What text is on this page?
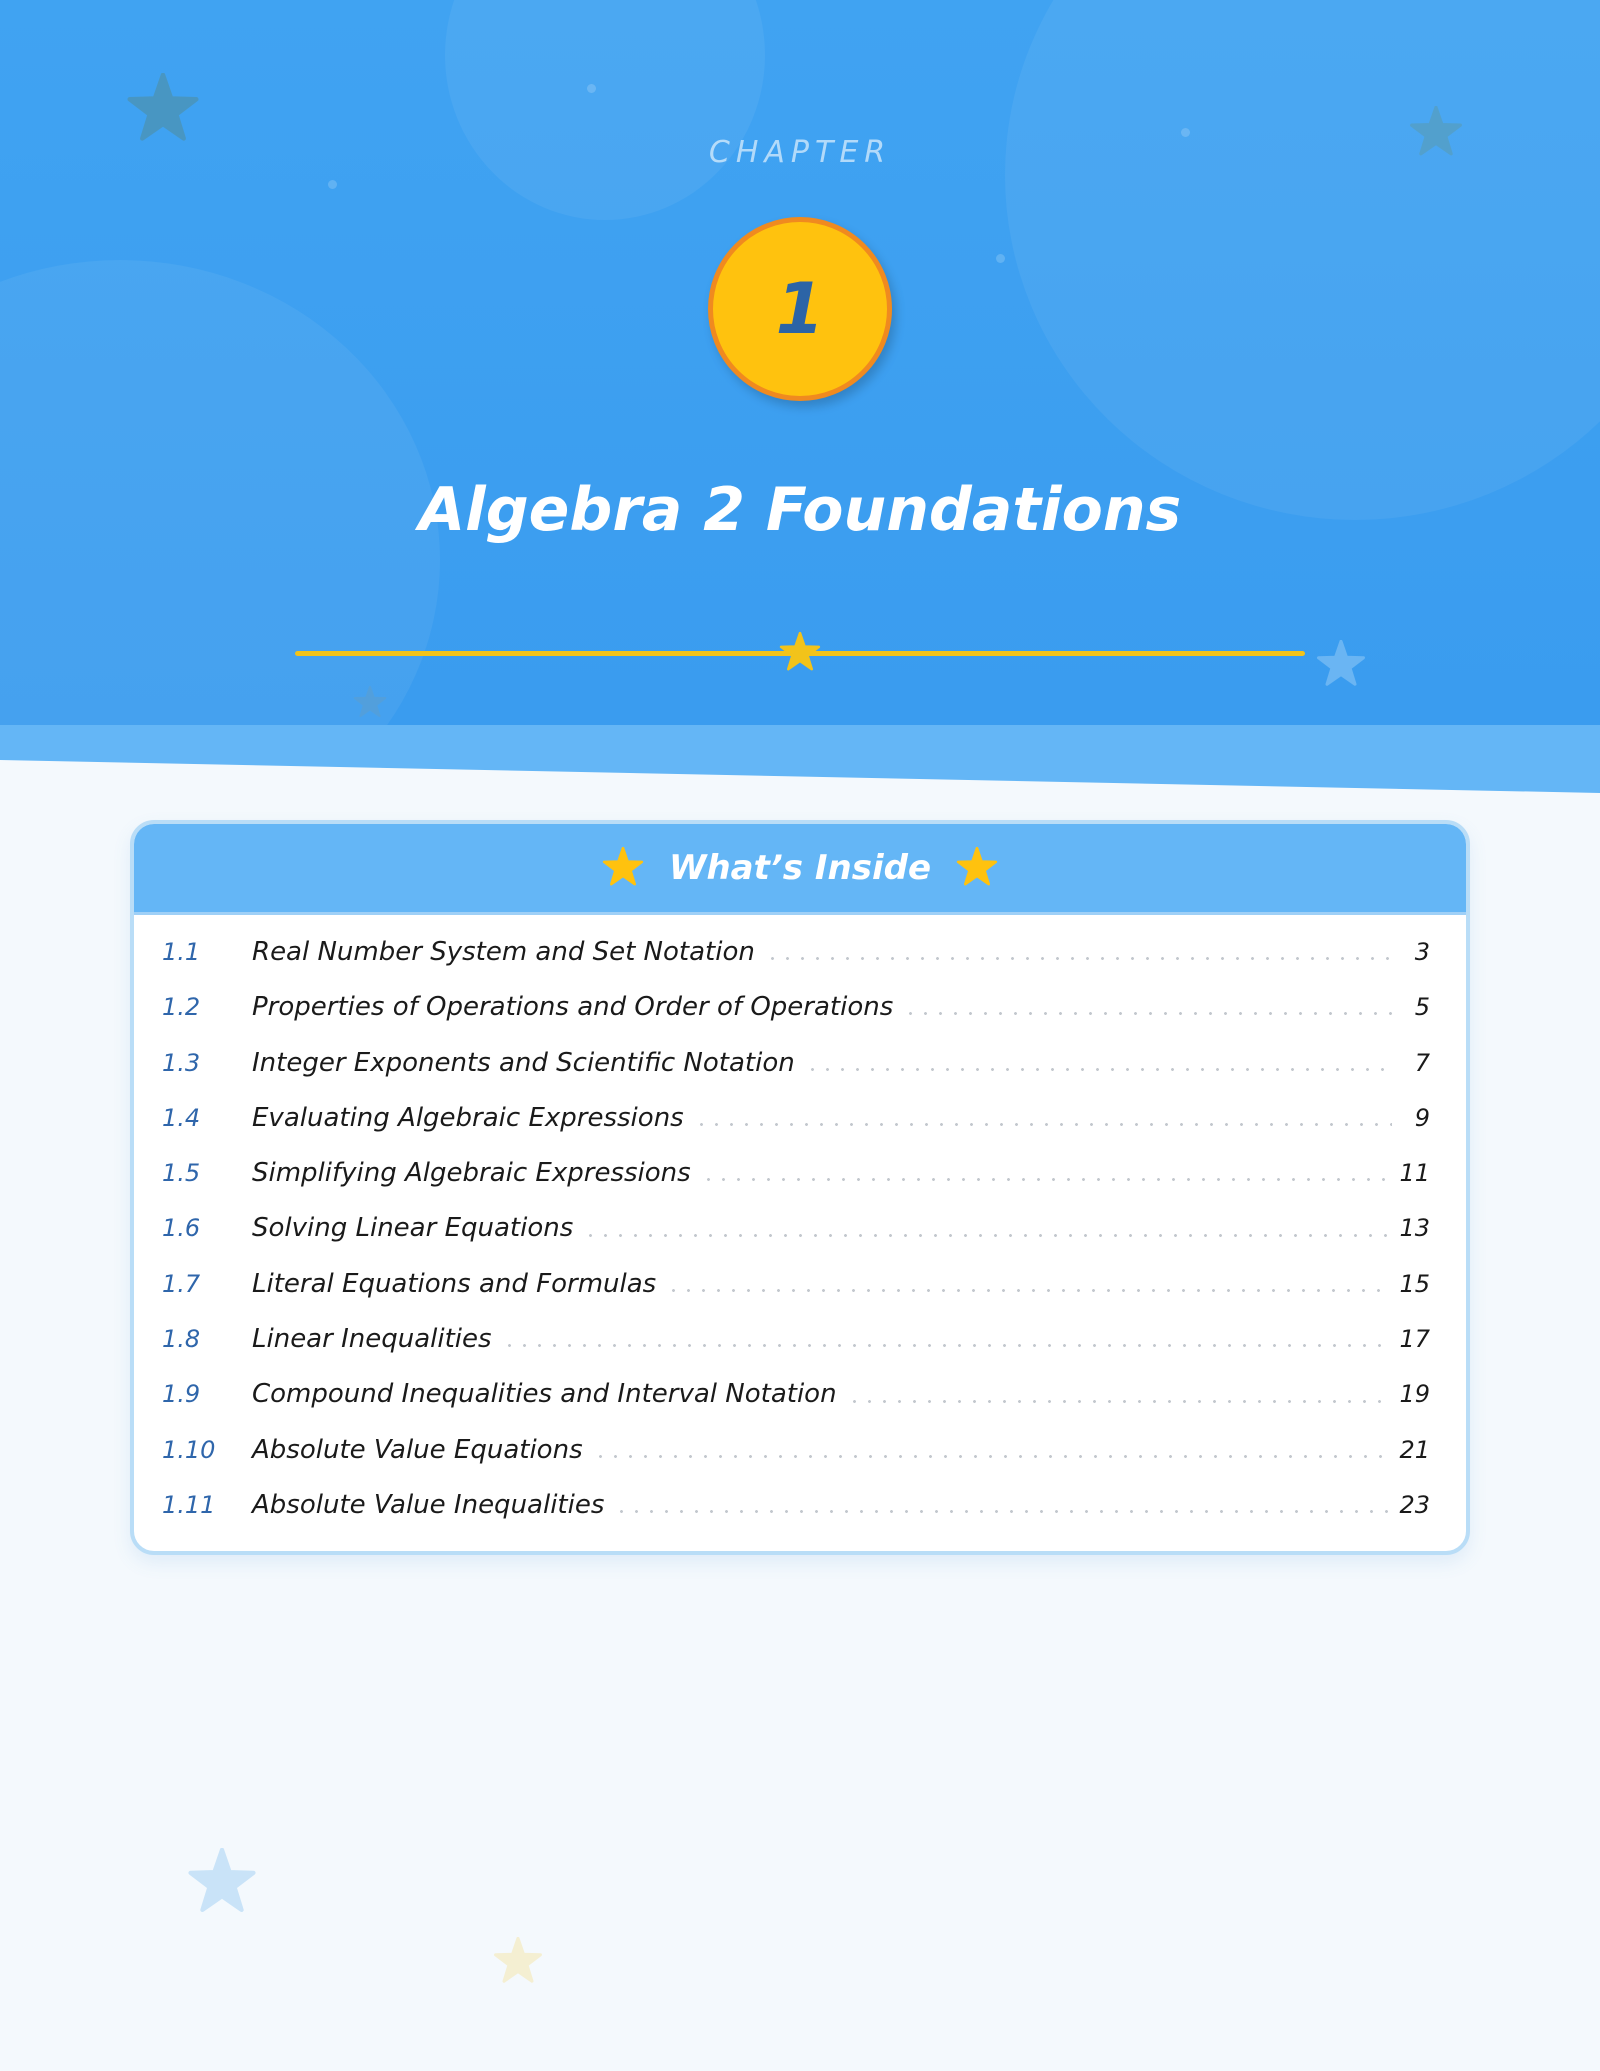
CHAPTER
1
Algebra 2 Foundations
What’s Inside
1.1	Real Number System and Set Notation	3
1.2	Properties of Operations and Order of Operations	5
1.3	Integer Exponents and Scientific Notation	7
1.4	Evaluating Algebraic Expressions	9
1.5	Simplifying Algebraic Expressions	11
1.6	Solving Linear Equations	13
1.7	Literal Equations and Formulas	15
1.8	Linear Inequalities	17
1.9	Compound Inequalities and Interval Notation	19
1.10	Absolute Value Equations	21
1.11	Absolute Value Inequalities	23
